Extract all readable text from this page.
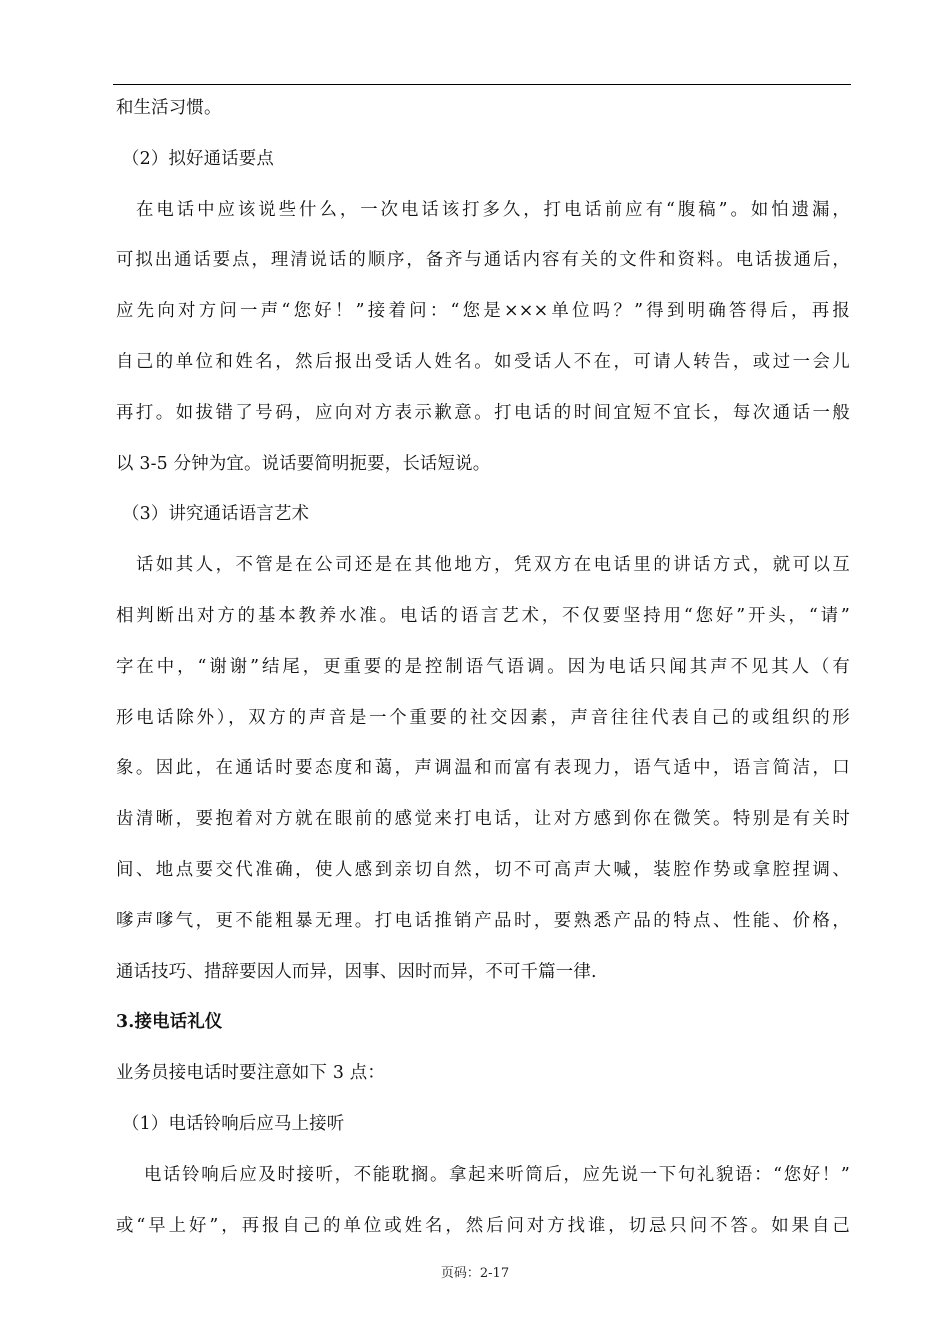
和生活习惯。
（2）拟好通话要点
在电话中应该说些什么，一次电话该打多久，打电话前应有“腹稿”。如怕遗漏，
可拟出通话要点，理清说话的顺序，备齐与通话内容有关的文件和资料。电话拔通后，
应先向对方问一声“您好！”接着问：“您是×××单位吗？”得到明确答得后，再报
自己的单位和姓名，然后报出受话人姓名。如受话人不在，可请人转告，或过一会儿
再打。如拔错了号码，应向对方表示歉意。打电话的时间宜短不宜长，每次通话一般
以 3-5 分钟为宜。说话要简明扼要，长话短说。
（3）讲究通话语言艺术
话如其人，不管是在公司还是在其他地方，凭双方在电话里的讲话方式，就可以互
相判断出对方的基本教养水准。电话的语言艺术，不仅要坚持用“您好”开头，“请”
字在中，“谢谢”结尾，更重要的是控制语气语调。因为电话只闻其声不见其人（有
形电话除外），双方的声音是一个重要的社交因素，声音往往代表自己的或组织的形
象。因此，在通话时要态度和蔼，声调温和而富有表现力，语气适中，语言简洁，口
齿清晰，要抱着对方就在眼前的感觉来打电话，让对方感到你在微笑。特别是有关时
间、地点要交代准确，使人感到亲切自然，切不可高声大喊，装腔作势或拿腔捏调、
嗲声嗲气，更不能粗暴无理。打电话推销产品时，要熟悉产品的特点、性能、价格，
通话技巧、措辞要因人而异，因事、因时而异，不可千篇一律.
3.接电话礼仪
业务员接电话时要注意如下 3 点：
（1）电话铃响后应马上接听
电话铃响后应及时接听，不能耽搁。拿起来听筒后，应先说一下句礼貌语：“您好！”
或“早上好”，再报自己的单位或姓名，然后问对方找谁，切忌只问不答。如果自己
页码：2-17
